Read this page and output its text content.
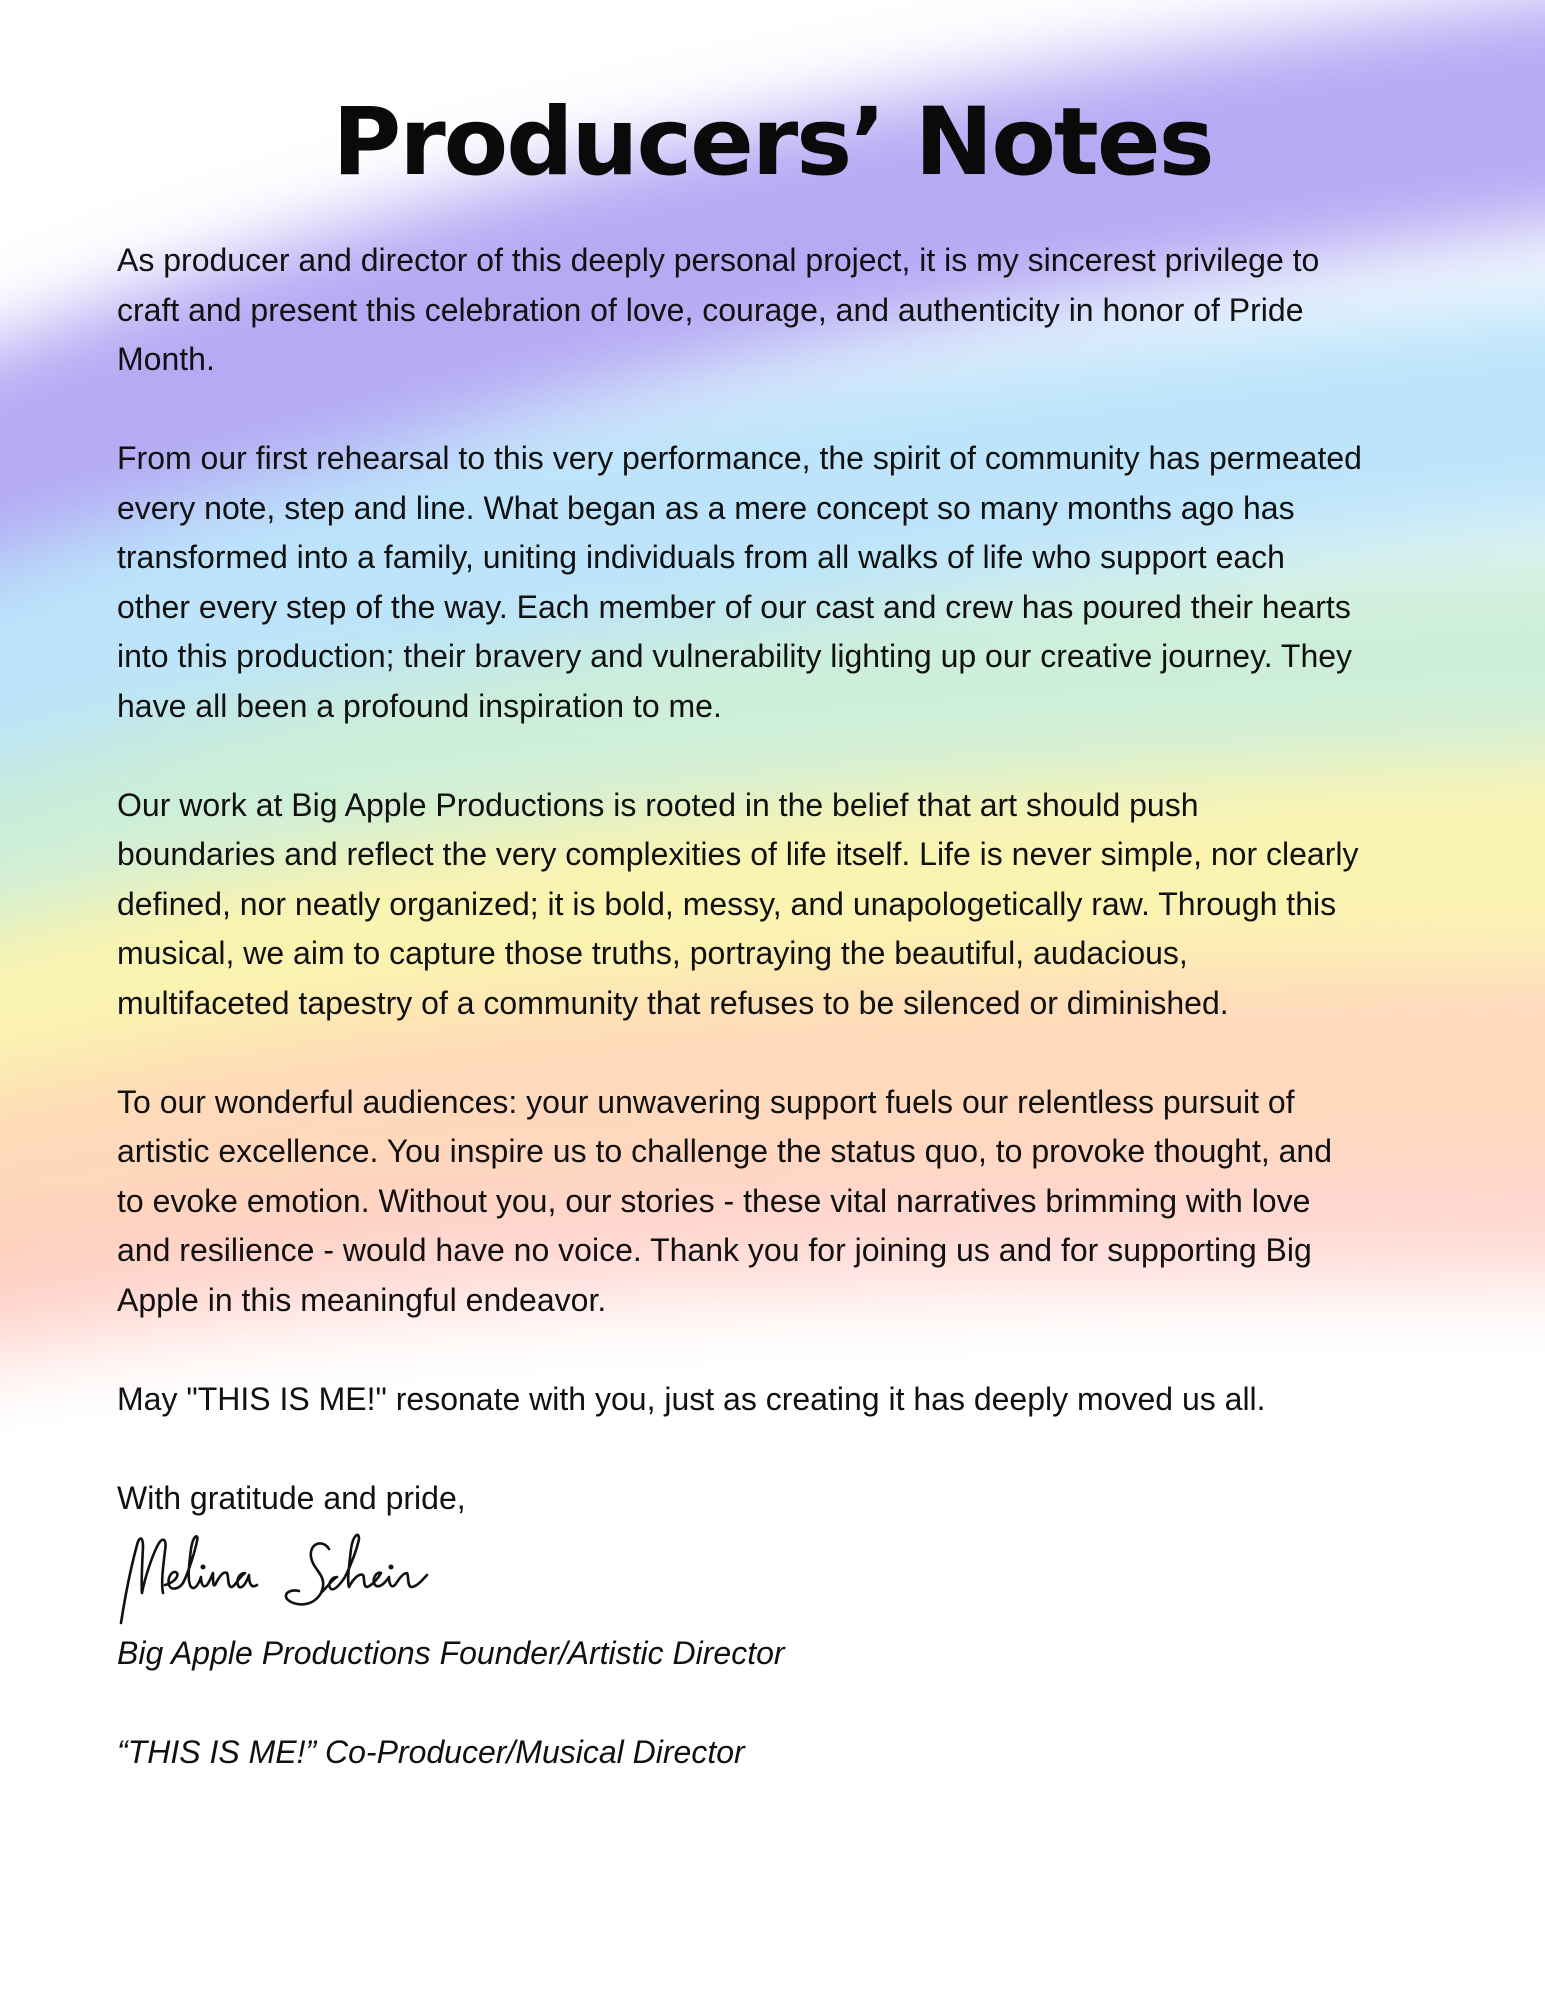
Producers’ Notes

As producer and director of this deeply personal project, it is my sincerest privilege to
craft and present this celebration of love, courage, and authenticity in honor of Pride
Month.

From our first rehearsal to this very performance, the spirit of community has permeated
every note, step and line. What began as a mere concept so many months ago has
transformed into a family, uniting individuals from all walks of life who support each
other every step of the way. Each member of our cast and crew has poured their hearts
into this production; their bravery and vulnerability lighting up our creative journey. They
have all been a profound inspiration to me.

Our work at Big Apple Productions is rooted in the belief that art should push
boundaries and reflect the very complexities of life itself. Life is never simple, nor clearly
defined, nor neatly organized; it is bold, messy, and unapologetically raw. Through this
musical, we aim to capture those truths, portraying the beautiful, audacious,
multifaceted tapestry of a community that refuses to be silenced or diminished.

To our wonderful audiences: your unwavering support fuels our relentless pursuit of
artistic excellence. You inspire us to challenge the status quo, to provoke thought, and
to evoke emotion. Without you, our stories - these vital narratives brimming with love
and resilience - would have no voice. Thank you for joining us and for supporting Big
Apple in this meaningful endeavor.

May "THIS IS ME!" resonate with you, just as creating it has deeply moved us all.

With gratitude and pride,

Big Apple Productions Founder/Artistic Director

“THIS IS ME!” Co-Producer/Musical Director
